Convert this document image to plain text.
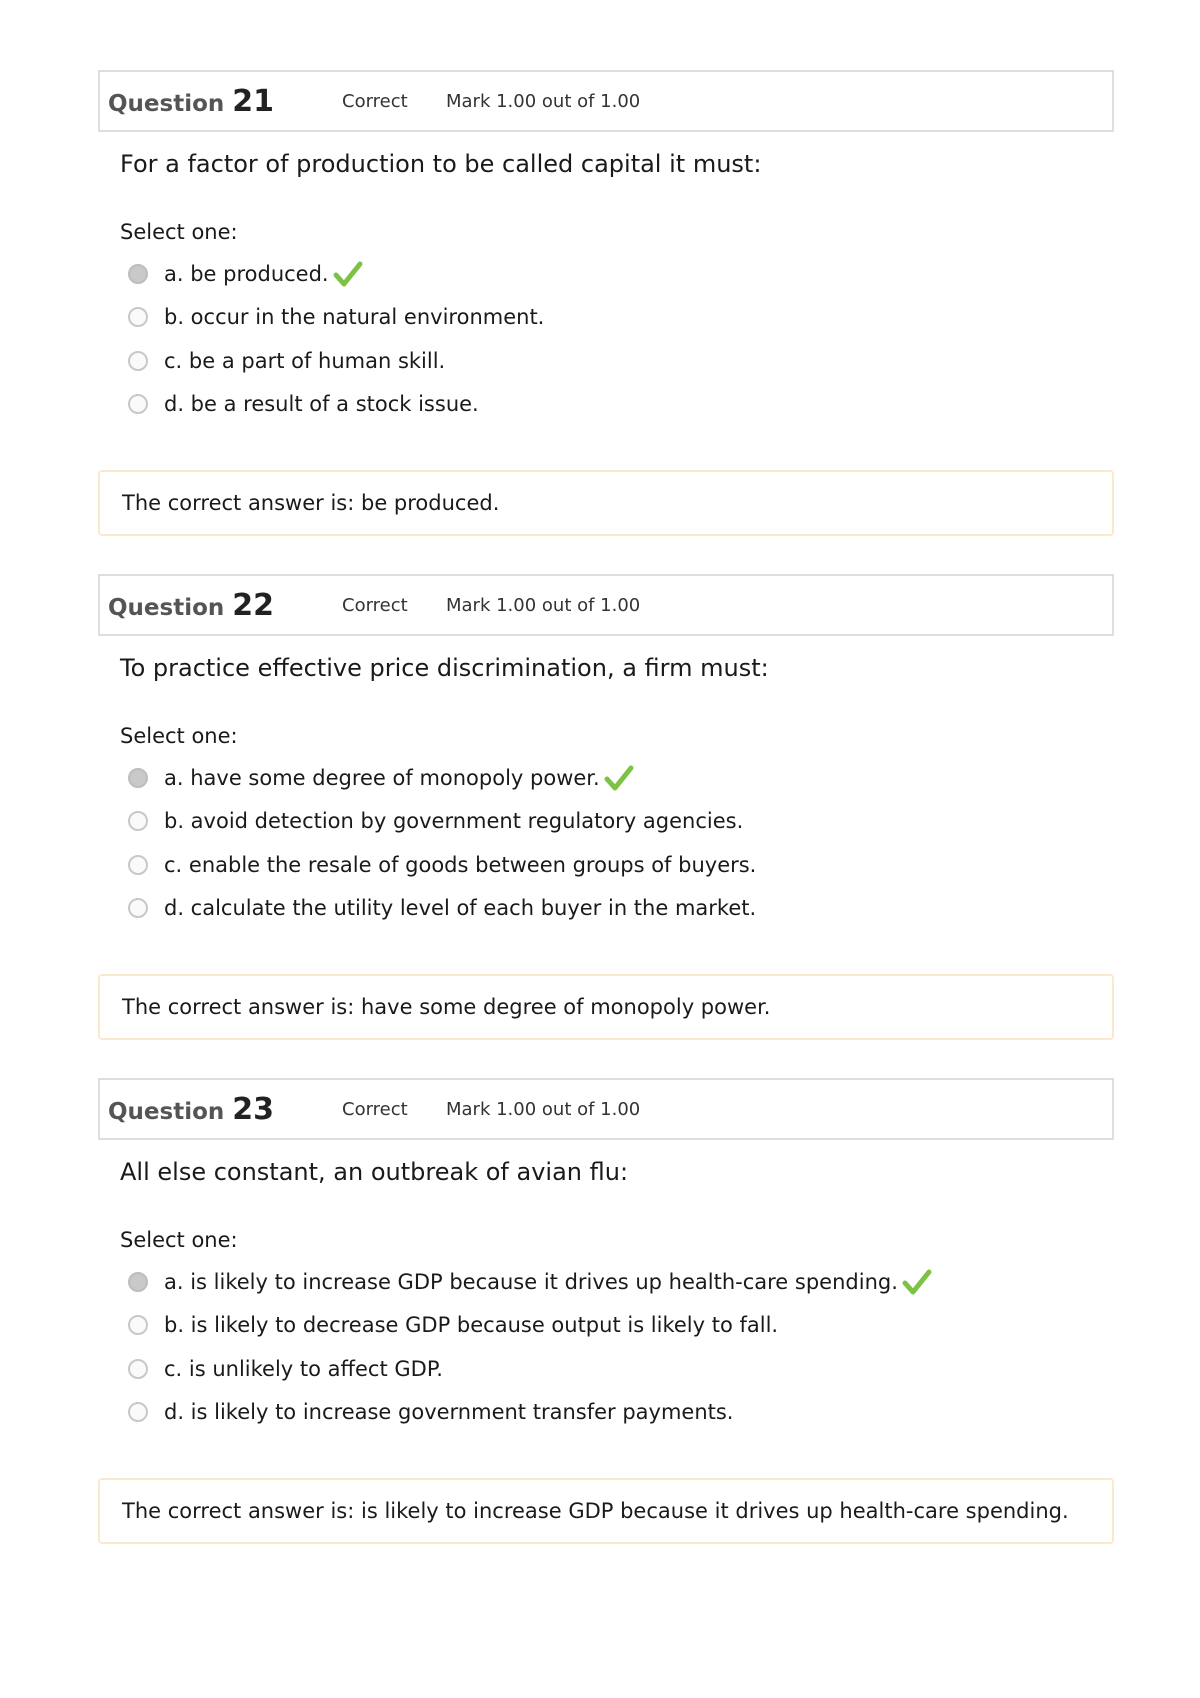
Question 21	Correct	Mark 1.00 out of 1.00
For a factor of production to be called capital it must:
Select one:
a. be produced.
b. occur in the natural environment.
c. be a part of human skill.
d. be a result of a stock issue.
The correct answer is: be produced.
Question 22	Correct	Mark 1.00 out of 1.00
To practice effective price discrimination, a firm must:
Select one:
a. have some degree of monopoly power.
b. avoid detection by government regulatory agencies.
c. enable the resale of goods between groups of buyers.
d. calculate the utility level of each buyer in the market.
The correct answer is: have some degree of monopoly power.
Question 23	Correct	Mark 1.00 out of 1.00
All else constant, an outbreak of avian flu:
Select one:
a. is likely to increase GDP because it drives up health-care spending.
b. is likely to decrease GDP because output is likely to fall.
c. is unlikely to affect GDP.
d. is likely to increase government transfer payments.
The correct answer is: is likely to increase GDP because it drives up health-care spending.
